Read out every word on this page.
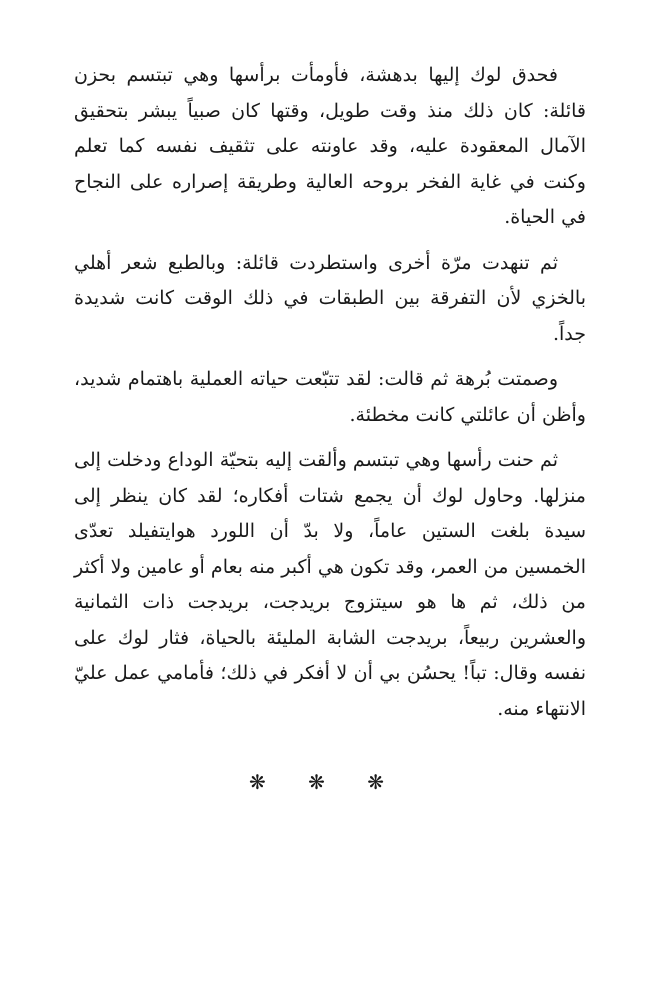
فحدق لوك إليها بدهشة، فأومأت برأسها وهي تبتسم بحزن قائلة: كان ذلك منذ وقت طويل، وقتها كان صبياً يبشر بتحقيق الآمال المعقودة عليه، وقد عاونته على تثقيف نفسه كما تعلم وكنت في غاية الفخر بروحه العالية وطريقة إصراره على النجاح في الحياة.

ثم تنهدت مرّة أخرى واستطردت قائلة: وبالطبع شعر أهلي بالخزي لأن التفرقة بين الطبقات في ذلك الوقت كانت شديدة جداً.

وصمتت بُرهة ثم قالت: لقد تتبّعت حياته العملية باهتمام شديد، وأظن أن عائلتي كانت مخطئة.

ثم حنت رأسها وهي تبتسم وألقت إليه بتحيّة الوداع ودخلت إلى منزلها. وحاول لوك أن يجمع شتات أفكاره؛ لقد كان ينظر إلى سيدة بلغت الستين عاماً، ولا بدّ أن اللورد هوايتفيلد تعدّى الخمسين من العمر، وقد تكون هي أكبر منه بعام أو عامين ولا أكثر من ذلك، ثم ها هو سيتزوج بريدجت، بريدجت ذات الثمانية والعشرين ربيعاً، بريدجت الشابة المليئة بالحياة، فثار لوك على نفسه وقال: تباً! يحسُن بي أن لا أفكر في ذلك؛ فأمامي عمل عليّ الانتهاء منه.

❋ ❋ ❋
